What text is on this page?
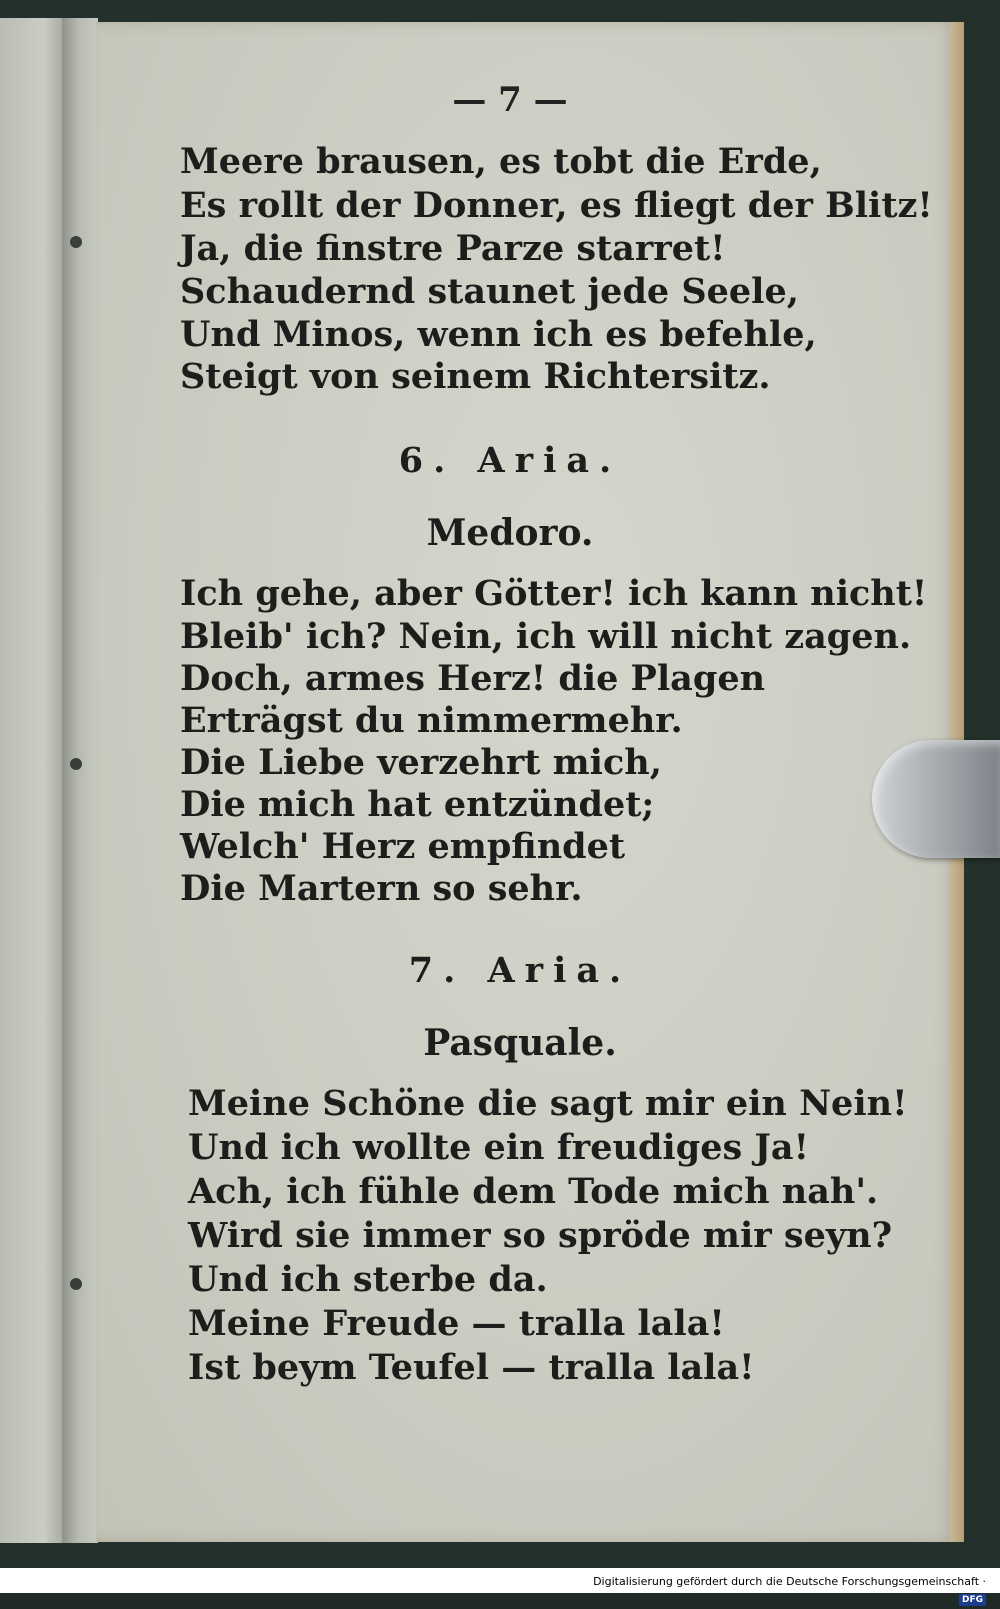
— 7 —
Meere brausen, es tobt die Erde,
Es rollt der Donner, es fliegt der Blitz!
Ja, die finstre Parze starret!
Schaudernd staunet jede Seele,
Und Minos, wenn ich es befehle,
Steigt von seinem Richtersitz.
6. Aria.
Medoro.
Ich gehe, aber Götter! ich kann nicht!
Bleib' ich? Nein, ich will nicht zagen.
Doch, armes Herz! die Plagen
Erträgst du nimmermehr.
Die Liebe verzehrt mich,
Die mich hat entzündet;
Welch' Herz empfindet
Die Martern so sehr.
7. Aria.
Pasquale.
Meine Schöne die sagt mir ein Nein!
Und ich wollte ein freudiges Ja!
Ach, ich fühle dem Tode mich nah'.
Wird sie immer so spröde mir seyn?
Und ich sterbe da.
Meine Freude — tralla lala!
Ist beym Teufel — tralla lala!
Digitalisierung gefördert durch die Deutsche Forschungsgemeinschaft ·DFG
